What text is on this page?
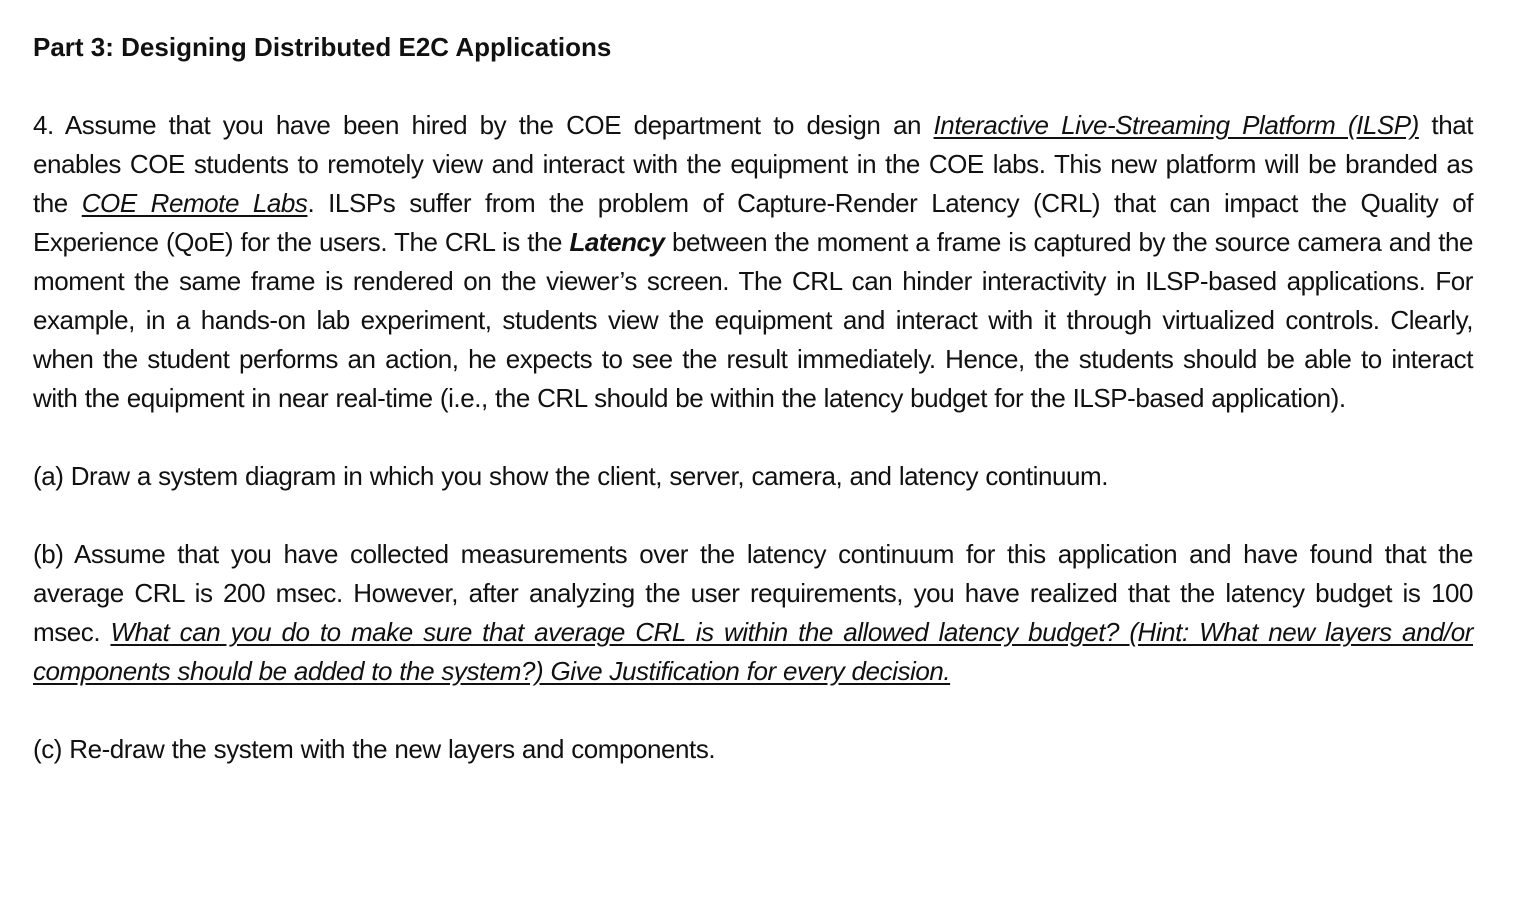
Part 3: Designing Distributed E2C Applications

4. Assume that you have been hired by the COE department to design an Interactive Live-Streaming Platform (ILSP) that enables COE students to remotely view and interact with the equipment in the COE labs. This new platform will be branded as the COE Remote Labs. ILSPs suffer from the problem of Capture-Render Latency (CRL) that can impact the Quality of Experience (QoE) for the users. The CRL is the Latency between the moment a frame is captured by the source camera and the moment the same frame is rendered on the viewer’s screen. The CRL can hinder interactivity in ILSP-based applications. For example, in a hands-on lab experiment, students view the equipment and interact with it through virtualized controls. Clearly, when the student performs an action, he expects to see the result immediately. Hence, the students should be able to interact with the equipment in near real-time (i.e., the CRL should be within the latency budget for the ILSP-based application).

(a) Draw a system diagram in which you show the client, server, camera, and latency continuum.

(b) Assume that you have collected measurements over the latency continuum for this application and have found that the average CRL is 200 msec. However, after analyzing the user requirements, you have realized that the latency budget is 100 msec. What can you do to make sure that average CRL is within the allowed latency budget? (Hint: What new layers and/or components should be added to the system?) Give Justification for every decision.

(c) Re-draw the system with the new layers and components.
